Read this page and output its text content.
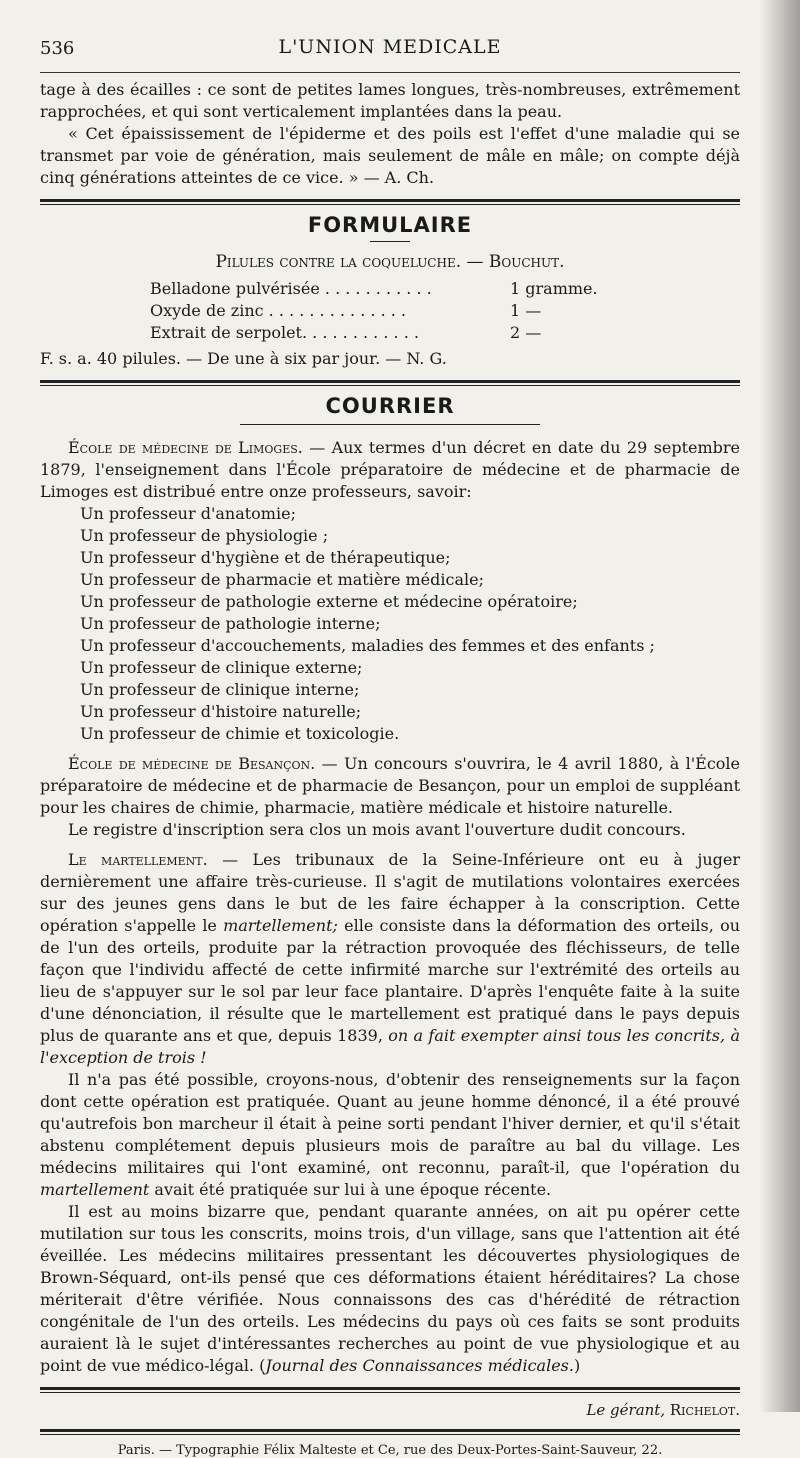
536	L'UNION MEDICALE

tage à des écailles : ce sont de petites lames longues, très-nombreuses, extrêmement rapprochées, et qui sont verticalement implantées dans la peau.

« Cet épaississement de l'épiderme et des poils est l'effet d'une maladie qui se transmet par voie de génération, mais seulement de mâle en mâle; on compte déjà cinq générations atteintes de ce vice. » — A. Ch.

FORMULAIRE
Pilules contre la coqueluche. — Bouchut.
Belladone pulvérisée . . . . . . . . . . .	1 gramme.
Oxyde de zinc . . . . . . . . . . . . . .	1 —
Extrait de serpolet. . . . . . . . . . . .	2 —

F. s. a. 40 pilules. — De une à six par jour. — N. G.

COURRIER

École de médecine de Limoges. — Aux termes d'un décret en date du 29 septembre 1879, l'enseignement dans l'École préparatoire de médecine et de pharmacie de Limoges est distribué entre onze professeurs, savoir:

Un professeur d'anatomie;
Un professeur de physiologie ;
Un professeur d'hygiène et de thérapeutique;
Un professeur de pharmacie et matière médicale;
Un professeur de pathologie externe et médecine opératoire;
Un professeur de pathologie interne;
Un professeur d'accouchements, maladies des femmes et des enfants ;
Un professeur de clinique externe;
Un professeur de clinique interne;
Un professeur d'histoire naturelle;
Un professeur de chimie et toxicologie.

École de médecine de Besançon. — Un concours s'ouvrira, le 4 avril 1880, à l'École préparatoire de médecine et de pharmacie de Besançon, pour un emploi de suppléant pour les chaires de chimie, pharmacie, matière médicale et histoire naturelle.

Le registre d'inscription sera clos un mois avant l'ouverture dudit concours.

Le martellement. — Les tribunaux de la Seine-Inférieure ont eu à juger dernièrement une affaire très-curieuse. Il s'agit de mutilations volontaires exercées sur des jeunes gens dans le but de les faire échapper à la conscription. Cette opération s'appelle le martellement; elle consiste dans la déformation des orteils, ou de l'un des orteils, produite par la rétraction provoquée des fléchisseurs, de telle façon que l'individu affecté de cette infirmité marche sur l'extrémité des orteils au lieu de s'appuyer sur le sol par leur face plantaire. D'après l'enquête faite à la suite d'une dénonciation, il résulte que le martellement est pratiqué dans le pays depuis plus de quarante ans et que, depuis 1839, on a fait exempter ainsi tous les concrits, à l'exception de trois !

Il n'a pas été possible, croyons-nous, d'obtenir des renseignements sur la façon dont cette opération est pratiquée. Quant au jeune homme dénoncé, il a été prouvé qu'autrefois bon marcheur il était à peine sorti pendant l'hiver dernier, et qu'il s'était abstenu complétement depuis plusieurs mois de paraître au bal du village. Les médecins militaires qui l'ont examiné, ont reconnu, paraît-il, que l'opération du martellement avait été pratiquée sur lui à une époque récente.

Il est au moins bizarre que, pendant quarante années, on ait pu opérer cette mutilation sur tous les conscrits, moins trois, d'un village, sans que l'attention ait été éveillée. Les médecins militaires pressentant les découvertes physiologiques de Brown-Séquard, ont-ils pensé que ces déformations étaient héréditaires? La chose mériterait d'être vérifiée. Nous connaissons des cas d'hérédité de rétraction congénitale de l'un des orteils. Les médecins du pays où ces faits se sont produits auraient là le sujet d'intéressantes recherches au point de vue physiologique et au point de vue médico-légal. (Journal des Connaissances médicales.)

Le gérant, Richelot.
Paris. — Typographie Félix Malteste et Ce, rue des Deux-Portes-Saint-Sauveur, 22.
